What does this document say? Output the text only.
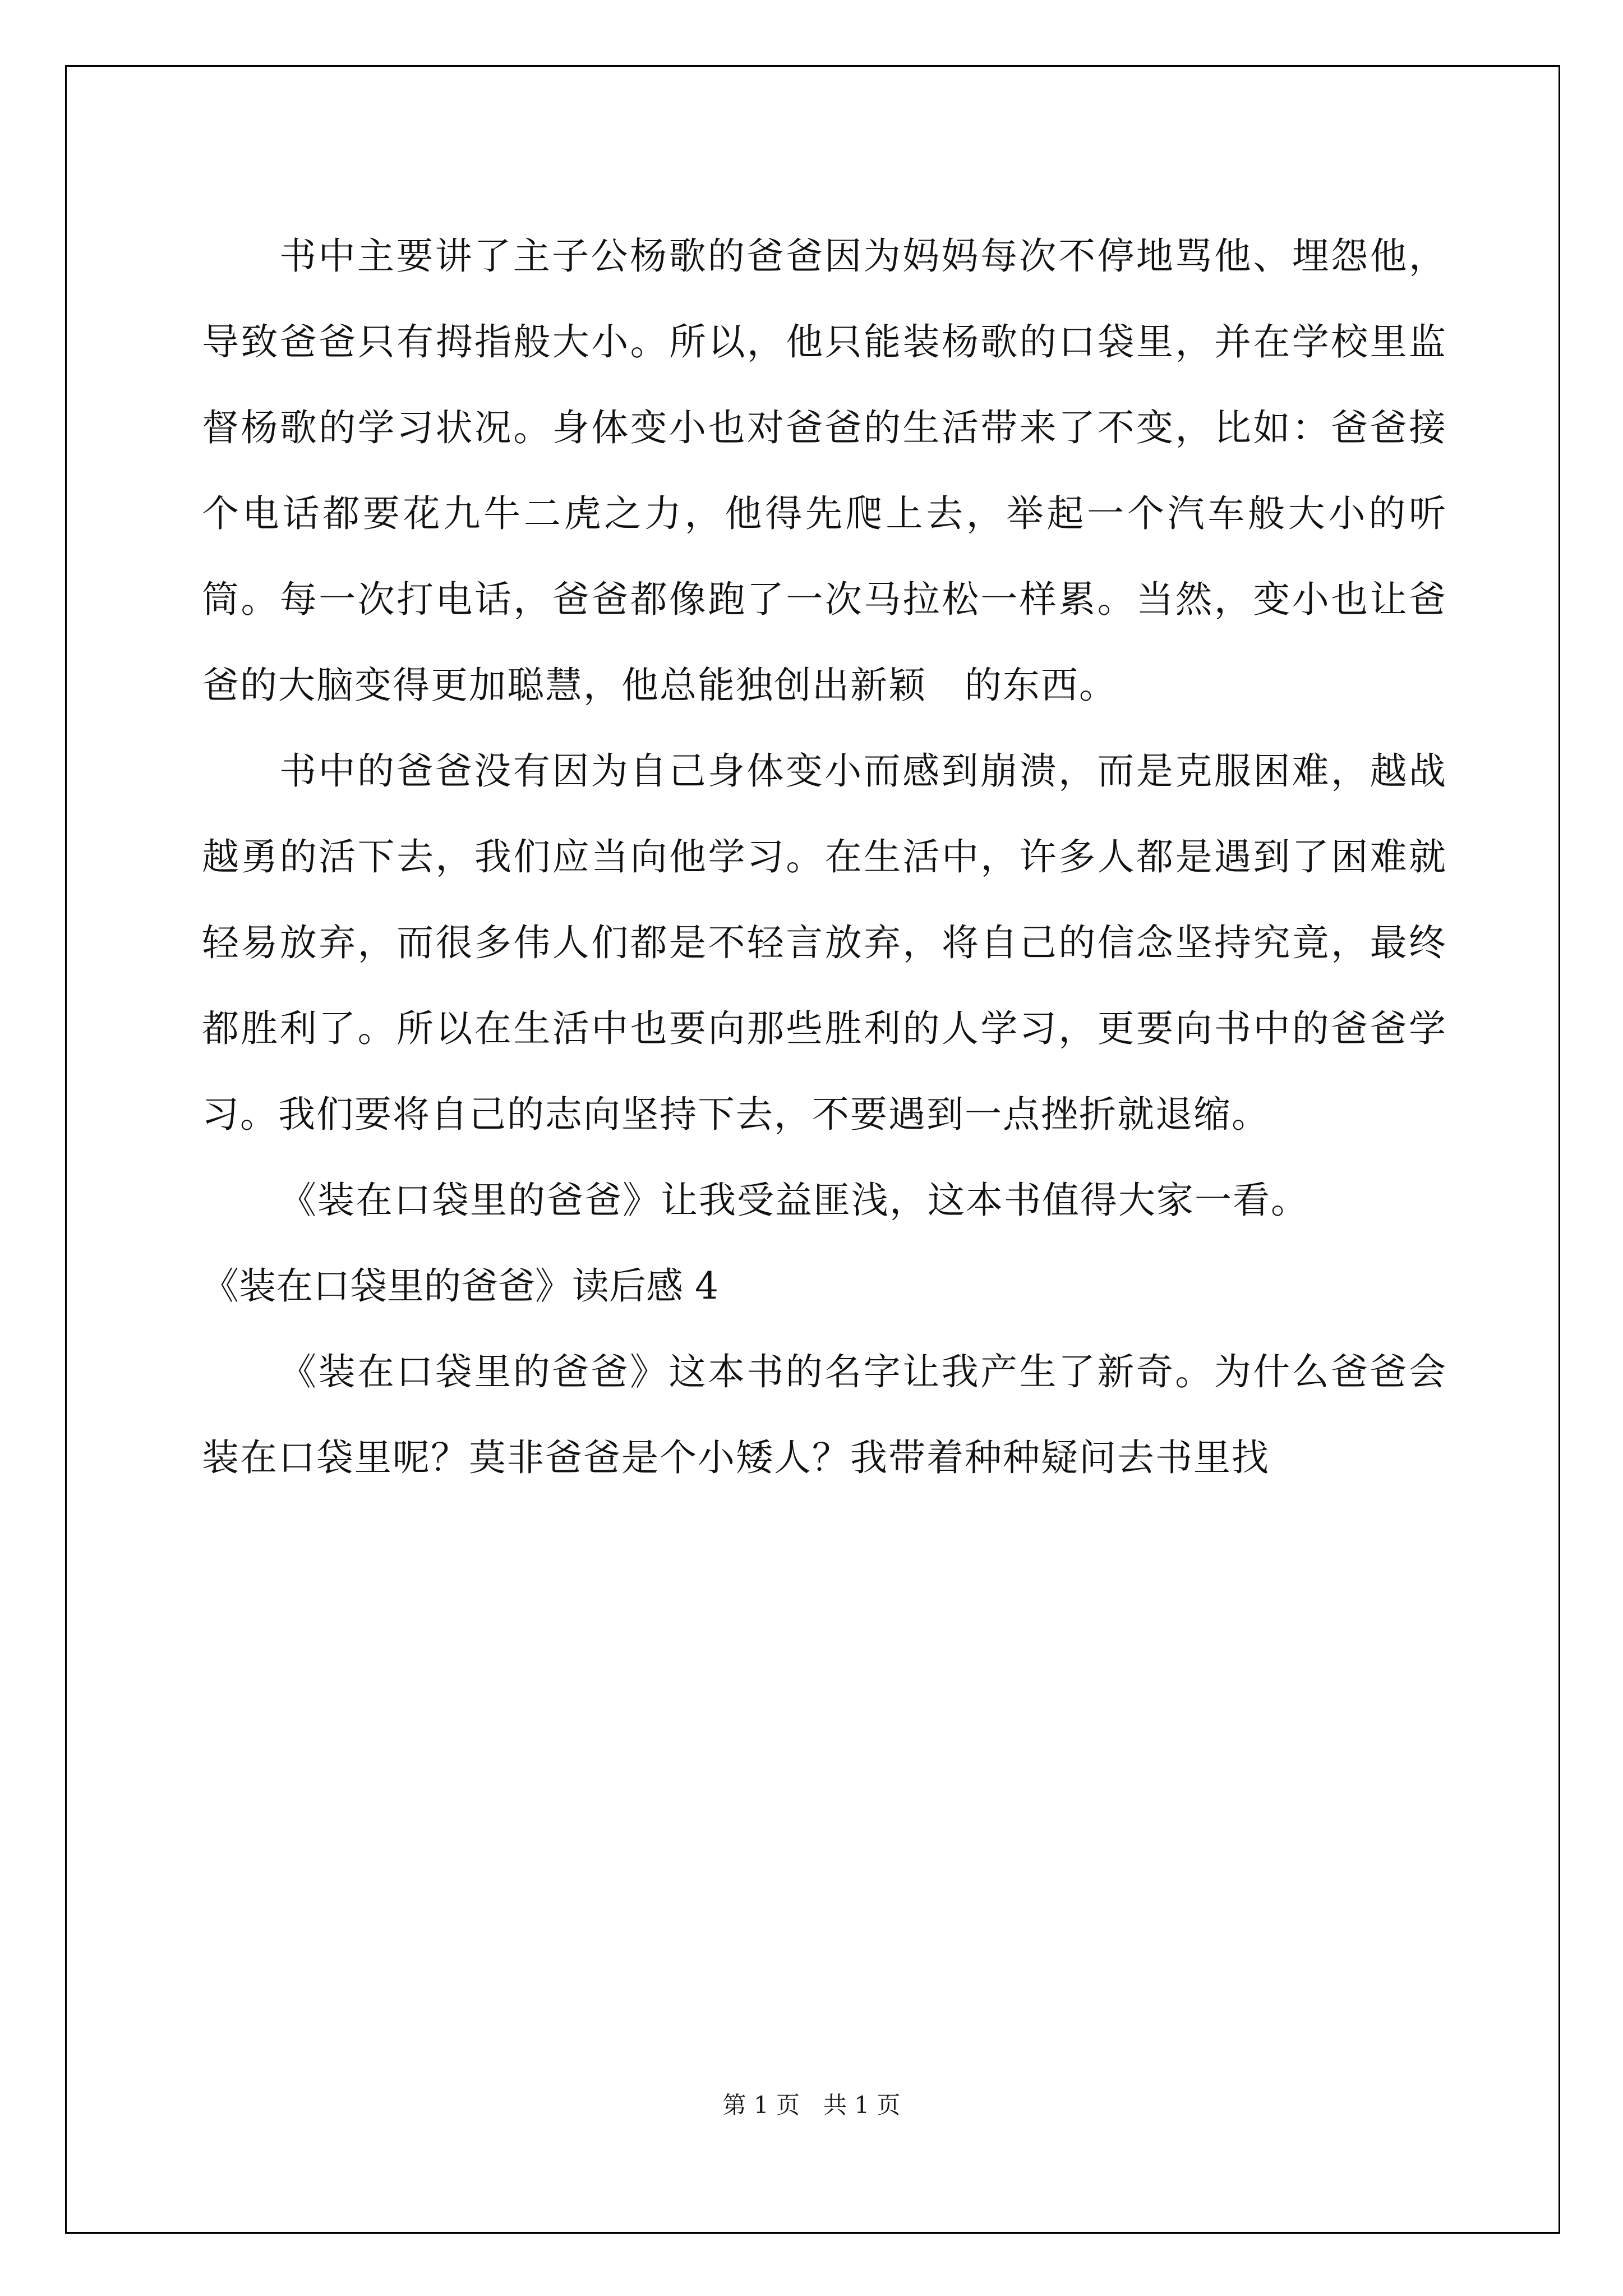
书中主要讲了主子公杨歌的爸爸因为妈妈每次不停地骂他、埋怨他，导致爸爸只有拇指般大小。所以，他只能装杨歌的口袋里，并在学校里监督杨歌的学习状况。身体变小也对爸爸的生活带来了不变，比如：爸爸接个电话都要花九牛二虎之力，他得先爬上去，举起一个汽车般大小的听筒。每一次打电话，爸爸都像跑了一次马拉松一样累。当然，变小也让爸爸的大脑变得更加聪慧，他总能独创出新颖　的东西。

书中的爸爸没有因为自己身体变小而感到崩溃，而是克服困难，越战越勇的活下去，我们应当向他学习。在生活中，许多人都是遇到了困难就轻易放弃，而很多伟人们都是不轻言放弃，将自己的信念坚持究竟，最终都胜利了。所以在生活中也要向那些胜利的人学习，更要向书中的爸爸学习。我们要将自己的志向坚持下去，不要遇到一点挫折就退缩。

《装在口袋里的爸爸》让我受益匪浅，这本书值得大家一看。

《装在口袋里的爸爸》读后感 4

《装在口袋里的爸爸》这本书的名字让我产生了新奇。为什么爸爸会装在口袋里呢？莫非爸爸是个小矮人？我带着种种疑问去书里找

第 1 页　共 1 页
